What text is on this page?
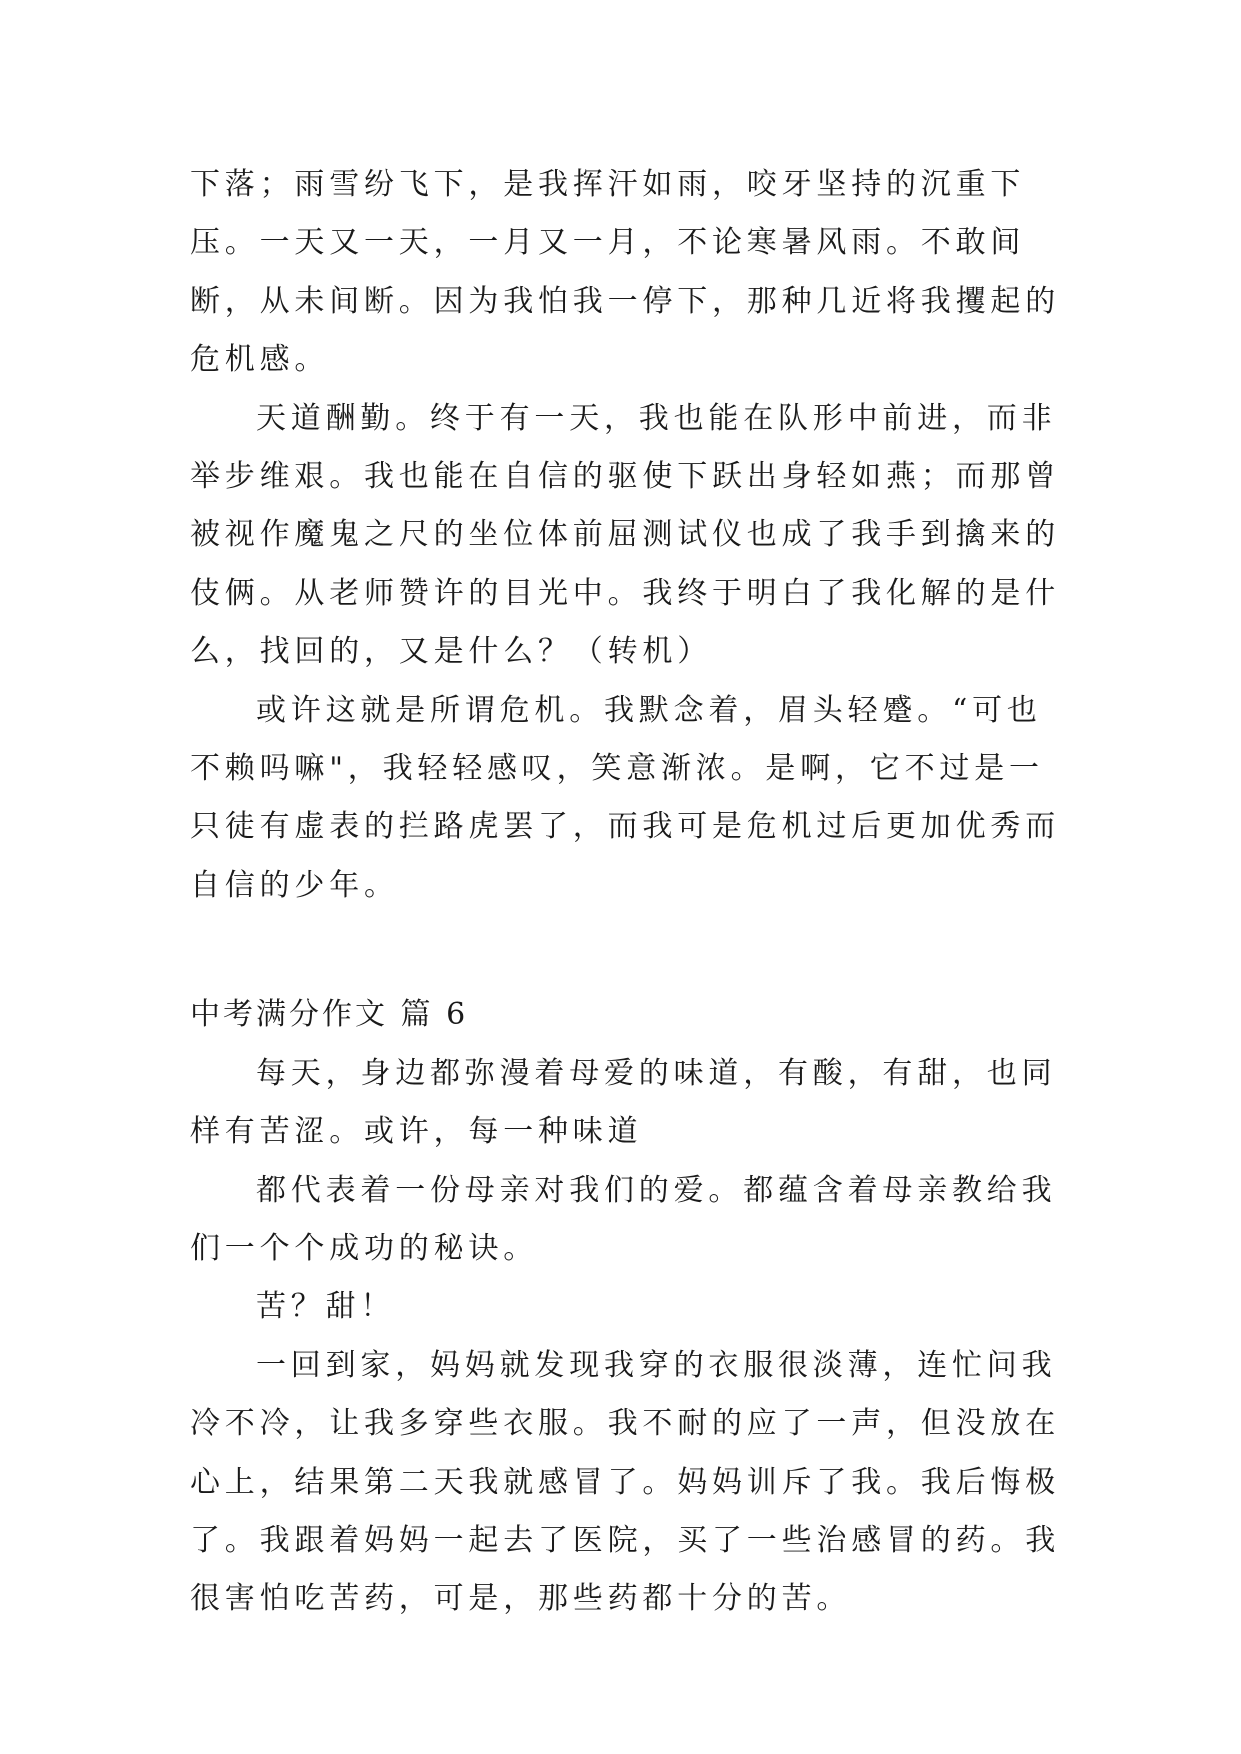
下落；雨雪纷飞下，是我挥汗如雨，咬牙坚持的沉重下压。一天又一天，一月又一月，不论寒暑风雨。不敢间断，从未间断。因为我怕我一停下，那种几近将我攫起的危机感。

天道酬勤。终于有一天，我也能在队形中前进，而非举步维艰。我也能在自信的驱使下跃出身轻如燕；而那曾被视作魔鬼之尺的坐位体前屈测试仪也成了我手到擒来的伎俩。从老师赞许的目光中。我终于明白了我化解的是什么，找回的，又是什么？（转机）

或许这就是所谓危机。我默念着，眉头轻蹙。“可也不赖吗嘛"，我轻轻感叹，笑意渐浓。是啊，它不过是一只徒有虚表的拦路虎罢了，而我可是危机过后更加优秀而自信的少年。

中考满分作文 篇 6

每天，身边都弥漫着母爱的味道，有酸，有甜，也同样有苦涩。或许，每一种味道

都代表着一份母亲对我们的爱。都蕴含着母亲教给我们一个个成功的秘诀。

苦？甜！

一回到家，妈妈就发现我穿的衣服很淡薄，连忙问我冷不冷，让我多穿些衣服。我不耐的应了一声，但没放在心上，结果第二天我就感冒了。妈妈训斥了我。我后悔极了。我跟着妈妈一起去了医院，买了一些治感冒的药。我很害怕吃苦药，可是，那些药都十分的苦。
